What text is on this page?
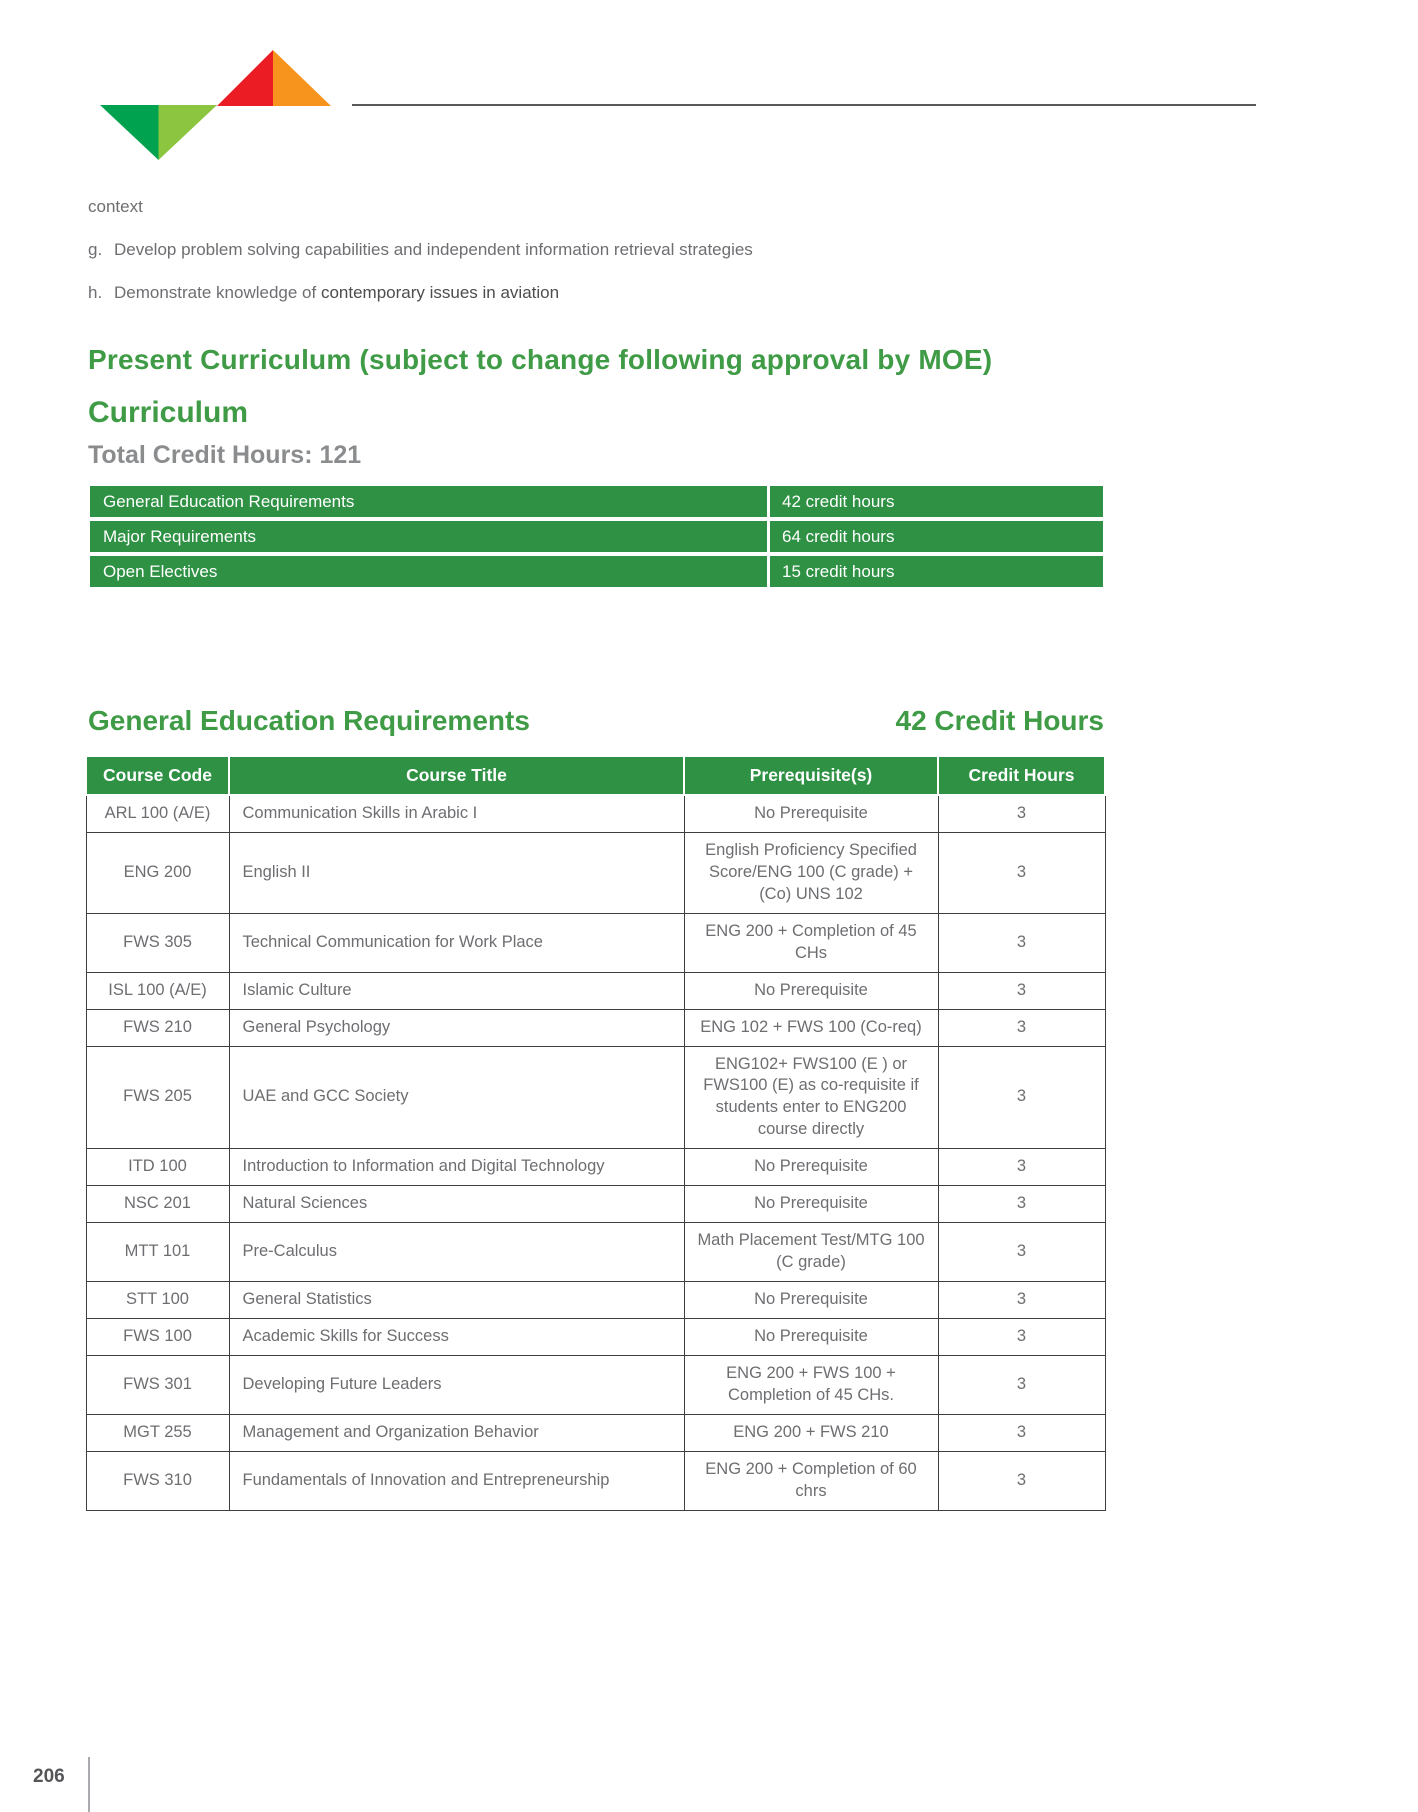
context
g. Develop problem solving capabilities and independent information retrieval strategies
h. Demonstrate knowledge of contemporary issues in aviation
Present Curriculum (subject to change following approval by MOE)
Curriculum
Total Credit Hours: 121
General Education Requirements	42 credit hours
Major Requirements	64 credit hours
Open Electives	15 credit hours
General Education Requirements	42 Credit Hours
Course Code	Course Title	Prerequisite(s)	Credit Hours
ARL 100 (A/E)	Communication Skills in Arabic I	No Prerequisite	3
ENG 200	English II	English Proficiency Specified Score/ENG 100 (C grade) + (Co) UNS 102	3
FWS 305	Technical Communication for Work Place	ENG 200 + Completion of 45 CHs	3
ISL 100 (A/E)	Islamic Culture	No Prerequisite	3
FWS 210	General Psychology	ENG 102 + FWS 100 (Co-req)	3
FWS 205	UAE and GCC Society	ENG102+ FWS100 (E ) or FWS100 (E) as co-requisite if students enter to ENG200 course directly	3
ITD 100	Introduction to Information and Digital Technology	No Prerequisite	3
NSC 201	Natural Sciences	No Prerequisite	3
MTT 101	Pre-Calculus	Math Placement Test/MTG 100 (C grade)	3
STT 100	General Statistics	No Prerequisite	3
FWS 100	Academic Skills for Success	No Prerequisite	3
FWS 301	Developing Future Leaders	ENG 200 + FWS 100 + Completion of 45 CHs.	3
MGT 255	Management and Organization Behavior	ENG 200 + FWS 210	3
FWS 310	Fundamentals of Innovation and Entrepreneurship	ENG 200 + Completion of 60 chrs	3
206
